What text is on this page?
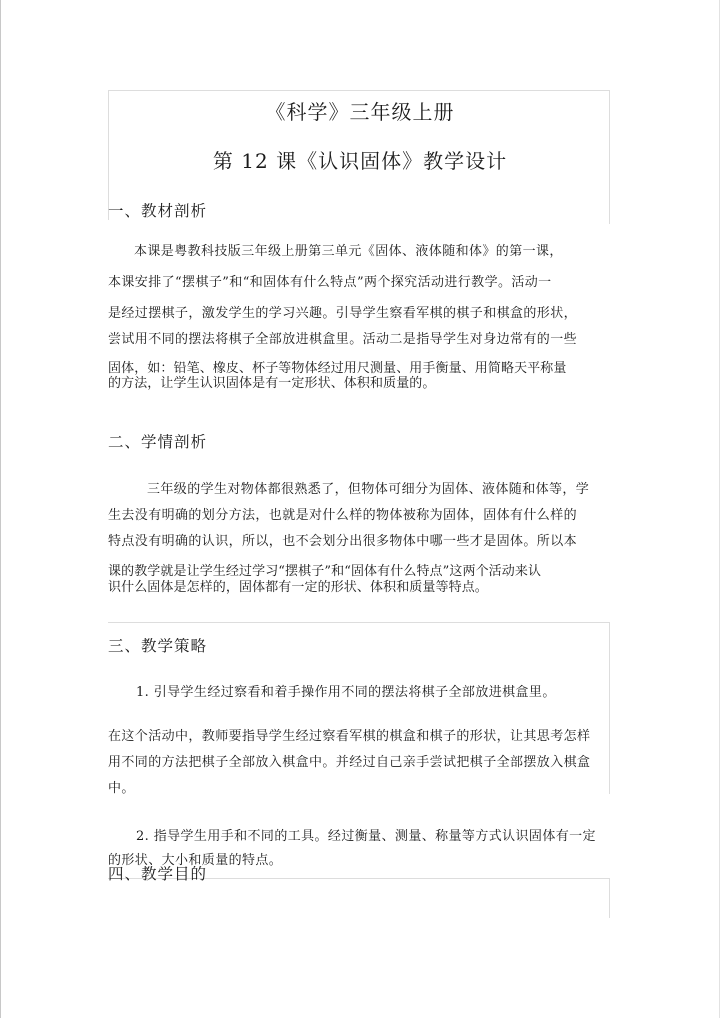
《科学》三年级上册
第 12 课《认识固体》教学设计
一、教材剖析
本课是粤教科技版三年级上册第三单元《固体、液体随和体》的第一课，
本课安排了“摆棋子”和“和固体有什么特点”两个探究活动进行教学。活动一
是经过摆棋子，激发学生的学习兴趣。引导学生察看军棋的棋子和棋盒的形状，
尝试用不同的摆法将棋子全部放进棋盒里。活动二是指导学生对身边常有的一些
固体，如：铅笔、橡皮、杯子等物体经过用尺测量、用手衡量、用简略天平称量
的方法，让学生认识固体是有一定形状、体积和质量的。
二、学情剖析
三年级的学生对物体都很熟悉了，但物体可细分为固体、液体随和体等，学
生去没有明确的划分方法，也就是对什么样的物体被称为固体，固体有什么样的
特点没有明确的认识，所以，也不会划分出很多物体中哪一些才是固体。所以本
课的教学就是让学生经过学习“摆棋子”和“固体有什么特点”这两个活动来认
识什么固体是怎样的，固体都有一定的形状、体积和质量等特点。
三、教学策略
1. 引导学生经过察看和着手操作用不同的摆法将棋子全部放进棋盒里。
在这个活动中，教师要指导学生经过察看军棋的棋盒和棋子的形状，让其思考怎样
用不同的方法把棋子全部放入棋盒中。并经过自己亲手尝试把棋子全部摆放入棋盒
中。
2. 指导学生用手和不同的工具。经过衡量、测量、称量等方式认识固体有一定
的形状、大小和质量的特点。
四、教学目的
